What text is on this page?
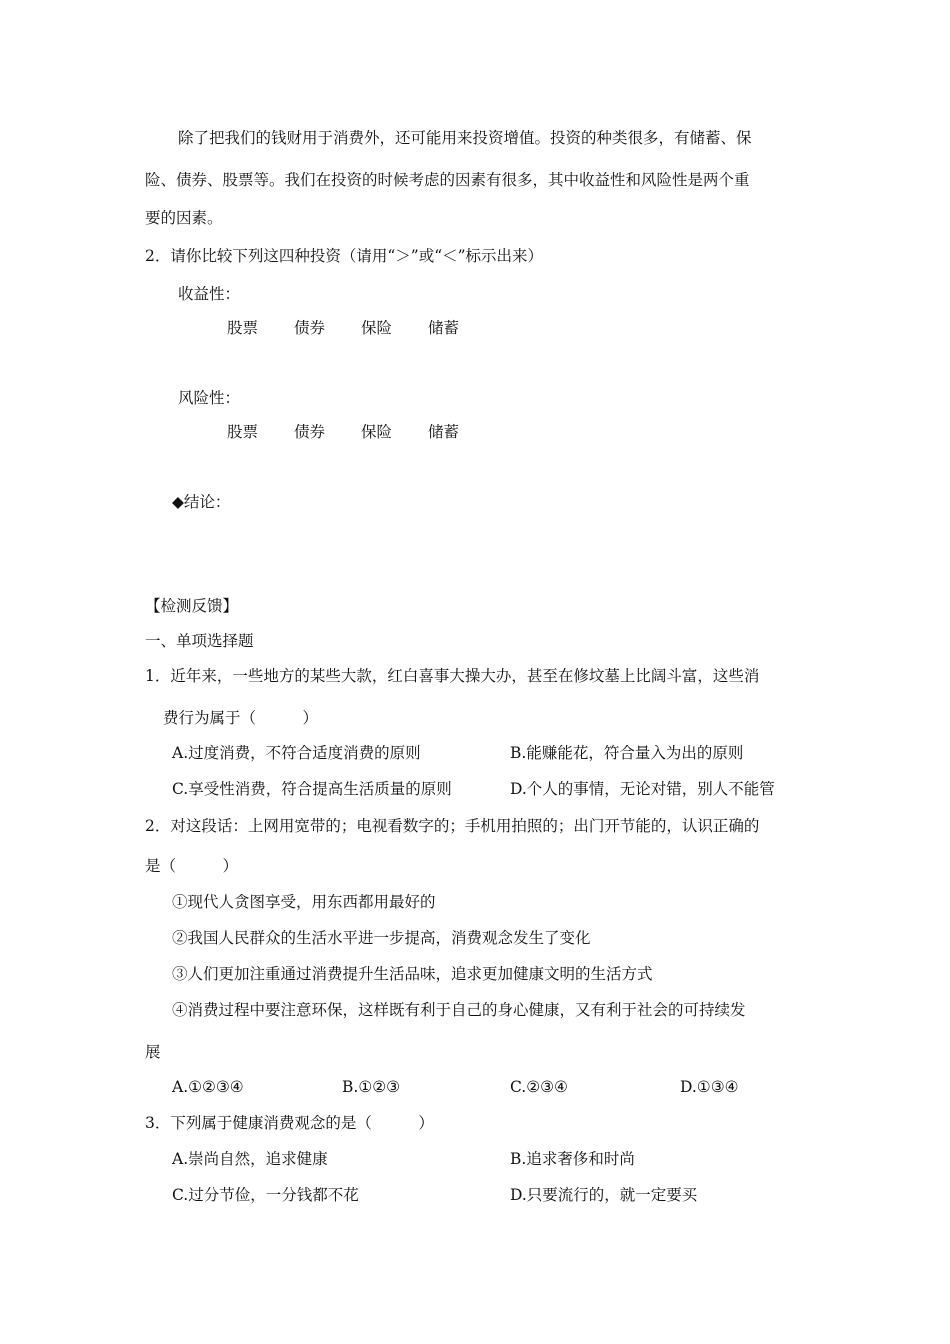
除了把我们的钱财用于消费外，还可能用来投资增值。投资的种类很多，有储蓄、保
险、债券、股票等。我们在投资的时候考虑的因素有很多，其中收益性和风险性是两个重
要的因素。
2．请你比较下列这四种投资（请用“＞”或“＜”标示出来）
收益性：
股票 债券 保险 储蓄
风险性：
股票 债券 保险 储蓄
◆结论：
【检测反馈】
一、单项选择题
1．近年来，一些地方的某些大款，红白喜事大操大办，甚至在修坟墓上比阔斗富，这些消
费行为属于（　　　）
A.过度消费，不符合适度消费的原则	B.能赚能花，符合量入为出的原则
C.享受性消费，符合提高生活质量的原则	D.个人的事情，无论对错，别人不能管
2．对这段话：上网用宽带的；电视看数字的；手机用拍照的；出门开节能的，认识正确的
是（　　　）
①现代人贪图享受，用东西都用最好的
②我国人民群众的生活水平进一步提高，消费观念发生了变化
③人们更加注重通过消费提升生活品味，追求更加健康文明的生活方式
④消费过程中要注意环保，这样既有利于自己的身心健康，又有利于社会的可持续发
展
A.①②③④	B.①②③	C.②③④	D.①③④
3．下列属于健康消费观念的是（　　　）
A.崇尚自然，追求健康	B.追求奢侈和时尚
C.过分节俭，一分钱都不花	D.只要流行的，就一定要买
